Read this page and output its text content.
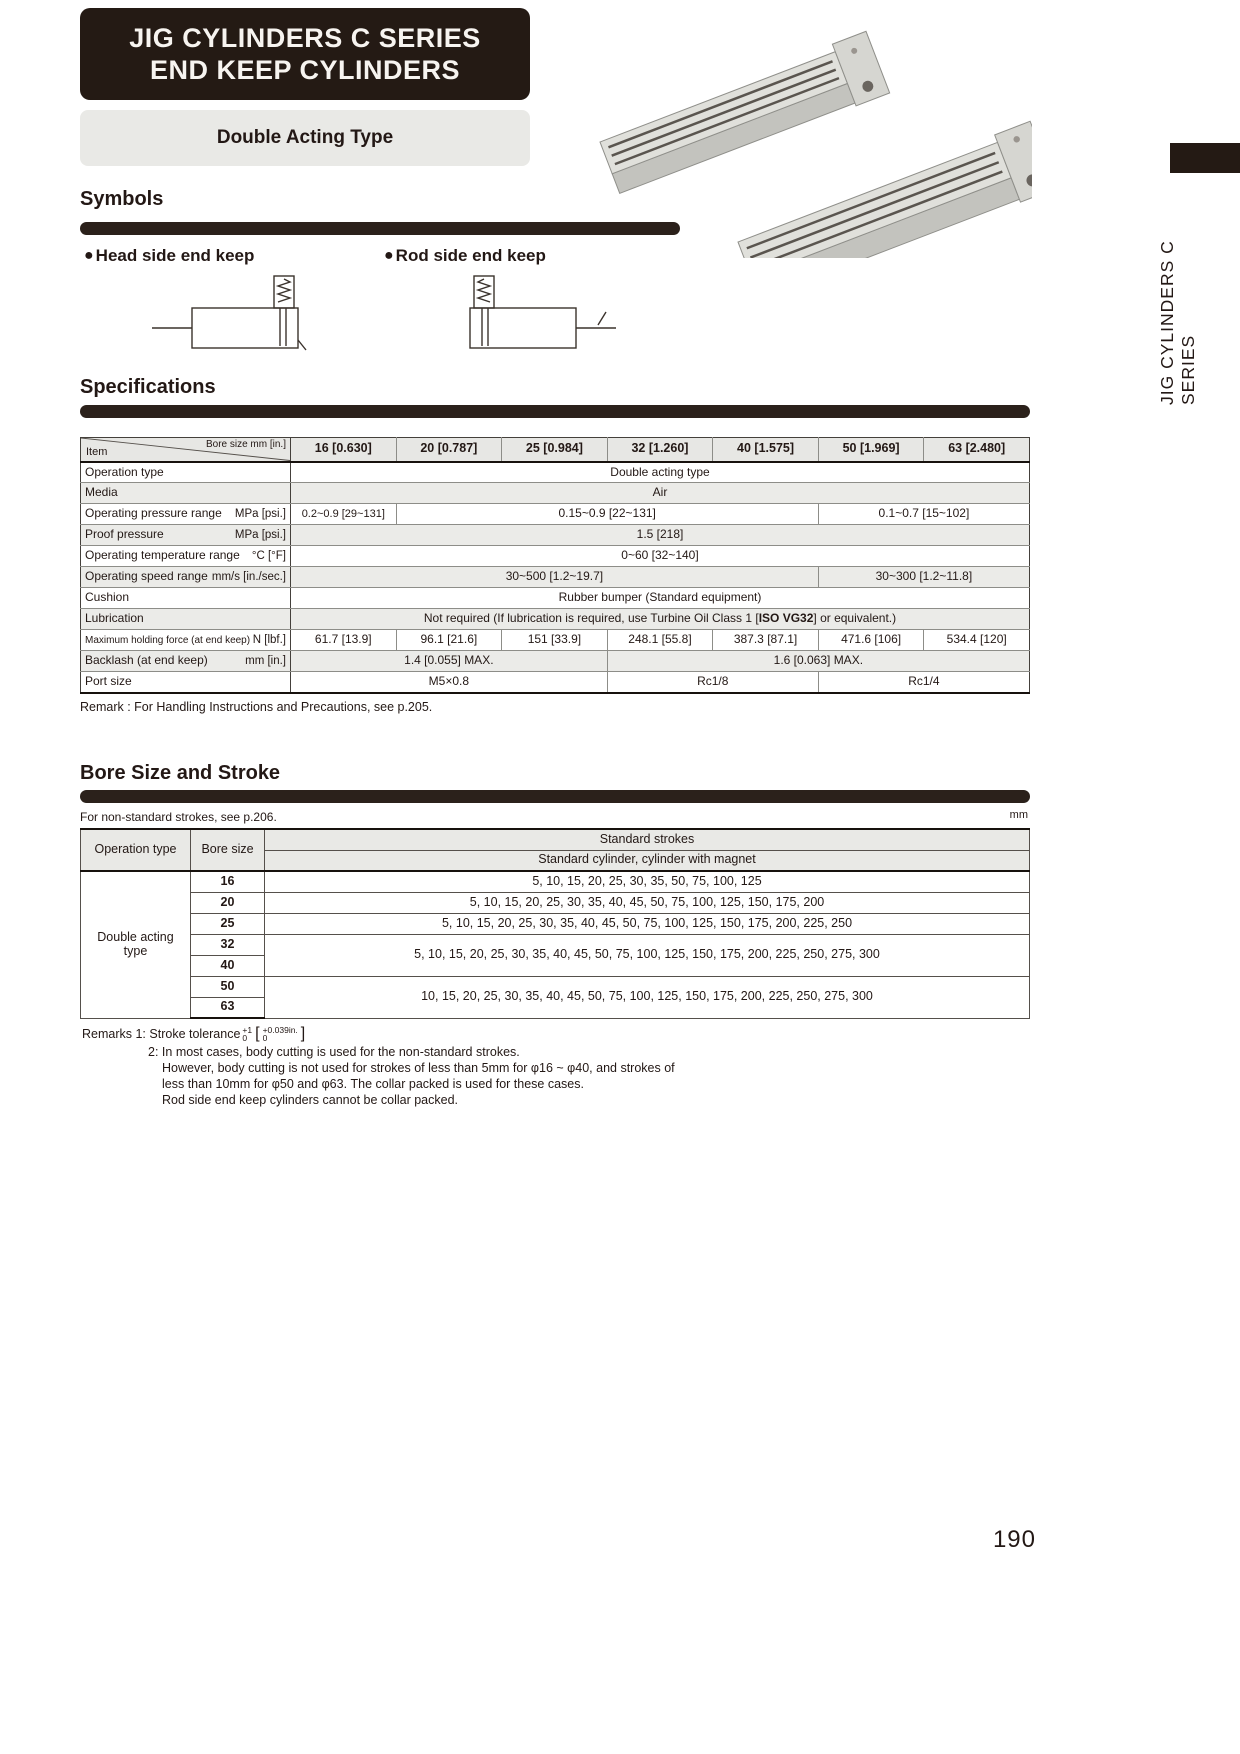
JIG CYLINDERS C SERIES
END KEEP CYLINDERS
Double Acting Type
JIG CYLINDERS C SERIES
Symbols
● Head side end keep	● Rod side end keep
Specifications
Bore size mm [in.]
Item	16 [0.630]	20 [0.787]	25 [0.984]	32 [1.260]	40 [1.575]	50 [1.969]	63 [2.480]
Operation type	Double acting type						
Media	Air						

Operating pressure range MPa [psi.]	0.2~0.9 [29~131]	0.15~0.9 [22~131]				0.1~0.7 [15~102]	

Proof pressure MPa [psi.]	1.5 [218]						

Operating temperature range °C [°F]	0~60 [32~140]						

Operating speed range mm/s [in./sec.]	30~500 [1.2~19.7]					30~300 [1.2~11.8]	
Cushion	Rubber bumper (Standard equipment)						
Lubrication	Not required (If lubrication is required, use Turbine Oil Class 1 [ISO VG32] or equivalent.)						

Maximum holding force (at end keep) N [lbf.]	61.7 [13.9]	96.1 [21.6]	151 [33.9]	248.1 [55.8]	387.3 [87.1]	471.6 [106]	534.4 [120]

Backlash (at end keep) mm [in.]	1.4 [0.055] MAX.			1.6 [0.063] MAX.			
Port size	M5×0.8			Rc1/8		Rc1/4	
Remark : For Handling Instructions and Precautions, see p.205.
Bore Size and Stroke
For non-standard strokes, see p.206.	mm
Operation type	Bore size	Standard strokes
		Standard cylinder, cylinder with magnet
Double acting type	16	5, 10, 15, 20, 25, 30, 35, 50, 75, 100, 125
	20	5, 10, 15, 20, 25, 30, 35, 40, 45, 50, 75, 100, 125, 150, 175, 200
	25	5, 10, 15, 20, 25, 30, 35, 40, 45, 50, 75, 100, 125, 150, 175, 200, 225, 250
	32	5, 10, 15, 20, 25, 30, 35, 40, 45, 50, 75, 100, 125, 150, 175, 200, 225, 250, 275, 300
	40	
	50	10, 15, 20, 25, 30, 35, 40, 45, 50, 75, 100, 125, 150, 175, 200, 225, 250, 275, 300
	63	
Remarks 1:
Stroke tolerance +1
0 [ +0.039in.
0 ]
2:
In most cases, body cutting is used for the non-standard strokes.
However, body cutting is not used for strokes of less than 5mm for φ16 ~ φ40, and strokes of
less than 10mm for φ50 and φ63. The collar packed is used for these cases.
Rod side end keep cylinders cannot be collar packed.
190
